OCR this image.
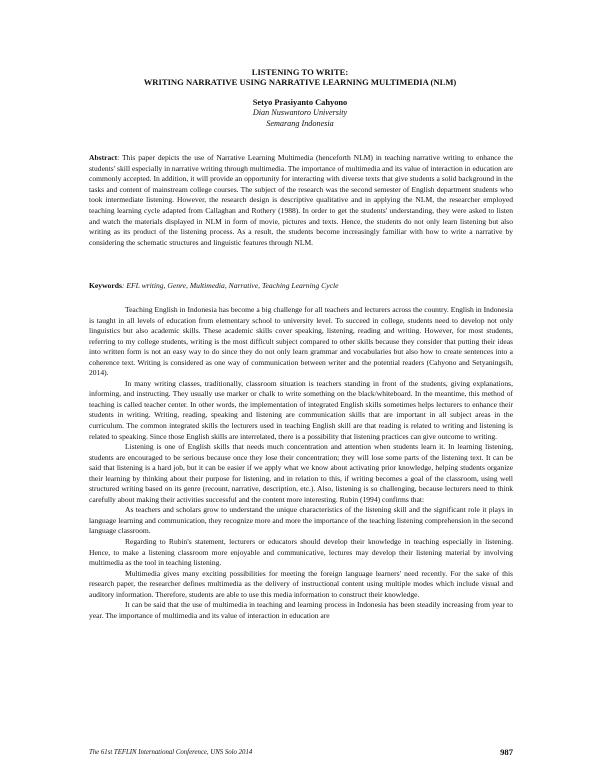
LISTENING TO WRITE:
WRITING NARRATIVE USING NARRATIVE LEARNING MULTIMEDIA (NLM)
Setyo Prasiyanto Cahyono
Dian Nuswantoro University
Semarang Indonesia
Abstract: This paper depicts the use of Narrative Learning Multimedia (henceforth NLM) in teaching narrative writing to enhance the students' skill especially in narrative writing through multimedia. The importance of multimedia and its value of interaction in education are commonly accepted. In addition, it will provide an opportunity for interacting with diverse texts that give students a solid background in the tasks and content of mainstream college courses. The subject of the research was the second semester of English department students who took intermediate listening. However, the research design is descriptive qualitative and in applying the NLM, the researcher employed teaching learning cycle adapted from Callaghan and Rothery (1988). In order to get the students' understanding, they were asked to listen and watch the materials displayed in NLM in form of movie, pictures and texts. Hence, the students do not only learn listening but also writing as its product of the listening process. As a result, the students become increasingly familiar with how to write a narrative by considering the schematic structures and linguistic features through NLM.
Keywords: EFL writing, Genre, Multimedia, Narrative, Teaching Learning Cycle

Teaching English in Indonesia has become a big challenge for all teachers and lecturers across the country. English in Indonesia is taught in all levels of education from elementary school to university level. To succeed in college, students need to develop not only linguistics but also academic skills. These academic skills cover speaking, listening, reading and writing. However, for most students, referring to my college students, writing is the most difficult subject compared to other skills because they consider that putting their ideas into written form is not an easy way to do since they do not only learn grammar and vocabularies but also how to create sentences into a coherence text. Writing is considered as one way of communication between writer and the potential readers (Cahyono and Setyaningsih, 2014).

In many writing classes, traditionally, classroom situation is teachers standing in front of the students, giving explanations, informing, and instructing. They usually use marker or chalk to write something on the black/whiteboard. In the meantime, this method of teaching is called teacher center. In other words, the implementation of integrated English skills sometimes helps lecturers to enhance their students in writing. Writing, reading, speaking and listening are communication skills that are important in all subject areas in the curriculum. The common integrated skills the lecturers used in teaching English skill are that reading is related to writing and listening is related to speaking. Since those English skills are interrelated, there is a possibility that listening practices can give outcome to writing.

Listening is one of English skills that needs much concentration and attention when students learn it. In learning listening, students are encouraged to be serious because once they lose their concentration; they will lose some parts of the listening text. It can be said that listening is a hard job, but it can be easier if we apply what we know about activating prior knowledge, helping students organize their learning by thinking about their purpose for listening, and in relation to this, if writing becomes a goal of the classroom, using well structured writing based on its genre (recount, narrative, description, etc.). Also, listening is so challenging, because lecturers need to think carefully about making their activities successful and the content more interesting. Rubin (1994) confirms that:

As teachers and scholars grow to understand the unique characteristics of the listening skill and the significant role it plays in language learning and communication, they recognize more and more the importance of the teaching listening comprehension in the second language classroom.

Regarding to Rubin's statement, lecturers or educators should develop their knowledge in teaching especially in listening. Hence, to make a listening classroom more enjoyable and communicative, lectures may develop their listening material by involving multimedia as the tool in teaching listening.

Multimedia gives many exciting possibilities for meeting the foreign language learners' need recently. For the sake of this research paper, the researcher defines multimedia as the delivery of instructional content using multiple modes which include visual and auditory information. Therefore, students are able to use this media information to construct their knowledge.

It can be said that the use of multimedia in teaching and learning process in Indonesia has been steadily increasing from year to year. The importance of multimedia and its value of interaction in education are

The 61st TEFLIN International Conference, UNS Solo 2014	987
